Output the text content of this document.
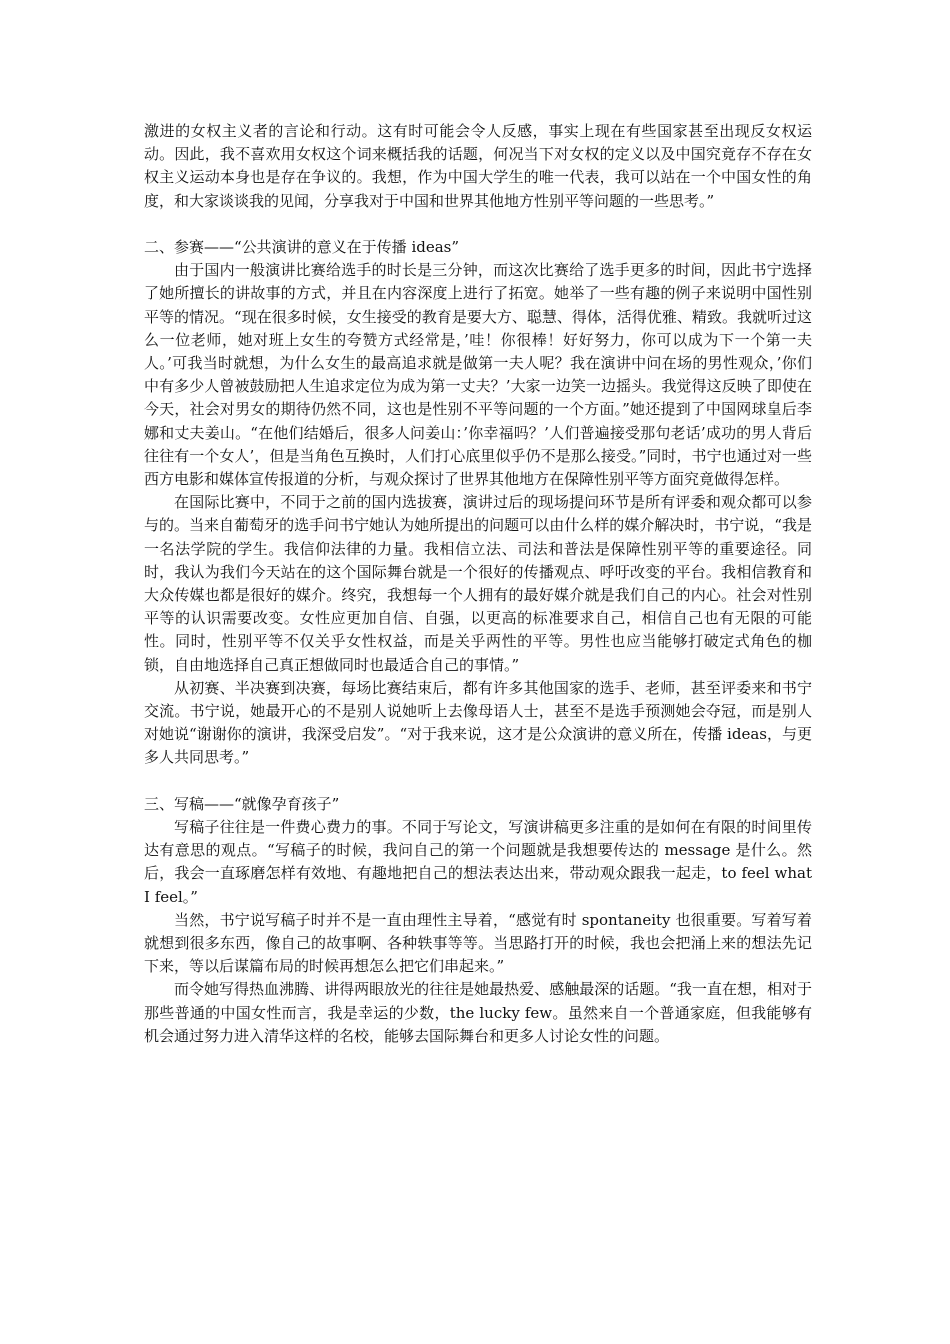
激进的女权主义者的言论和行动。这有时可能会令人反感，事实上现在有些国家甚至出现反女权运动。因此，我不喜欢用女权这个词来概括我的话题，何况当下对女权的定义以及中国究竟存不存在女权主义运动本身也是存在争议的。我想，作为中国大学生的唯一代表，我可以站在一个中国女性的角度，和大家谈谈我的见闻，分享我对于中国和世界其他地方性别平等问题的一些思考。”

二、参赛——“公共演讲的意义在于传播 ideas”

由于国内一般演讲比赛给选手的时长是三分钟，而这次比赛给了选手更多的时间，因此书宁选择了她所擅长的讲故事的方式，并且在内容深度上进行了拓宽。她举了一些有趣的例子来说明中国性别平等的情况。“现在很多时候，女生接受的教育是要大方、聪慧、得体，活得优雅、精致。我就听过这么一位老师，她对班上女生的夸赞方式经常是，’哇！你很棒！好好努力，你可以成为下一个第一夫人。’可我当时就想，为什么女生的最高追求就是做第一夫人呢？我在演讲中问在场的男性观众，’你们中有多少人曾被鼓励把人生追求定位为成为第一丈夫？’大家一边笑一边摇头。我觉得这反映了即使在今天，社会对男女的期待仍然不同，这也是性别不平等问题的一个方面。”她还提到了中国网球皇后李娜和丈夫姜山。“在他们结婚后，很多人问姜山：’你幸福吗？’人们普遍接受那句老话’成功的男人背后往往有一个女人’，但是当角色互换时，人们打心底里似乎仍不是那么接受。”同时，书宁也通过对一些西方电影和媒体宣传报道的分析，与观众探讨了世界其他地方在保障性别平等方面究竟做得怎样。

在国际比赛中，不同于之前的国内选拔赛，演讲过后的现场提问环节是所有评委和观众都可以参与的。当来自葡萄牙的选手问书宁她认为她所提出的问题可以由什么样的媒介解决时，书宁说，“我是一名法学院的学生。我信仰法律的力量。我相信立法、司法和普法是保障性别平等的重要途径。同时，我认为我们今天站在的这个国际舞台就是一个很好的传播观点、呼吁改变的平台。我相信教育和大众传媒也都是很好的媒介。终究，我想每一个人拥有的最好媒介就是我们自己的内心。社会对性别平等的认识需要改变。女性应更加自信、自强，以更高的标准要求自己，相信自己也有无限的可能性。同时，性别平等不仅关乎女性权益，而是关乎两性的平等。男性也应当能够打破定式角色的枷锁，自由地选择自己真正想做同时也最适合自己的事情。”

从初赛、半决赛到决赛，每场比赛结束后，都有许多其他国家的选手、老师，甚至评委来和书宁交流。书宁说，她最开心的不是别人说她听上去像母语人士，甚至不是选手预测她会夺冠，而是别人对她说“谢谢你的演讲，我深受启发”。“对于我来说，这才是公众演讲的意义所在，传播 ideas，与更多人共同思考。”

三、写稿——“就像孕育孩子”

写稿子往往是一件费心费力的事。不同于写论文，写演讲稿更多注重的是如何在有限的时间里传达有意思的观点。“写稿子的时候，我问自己的第一个问题就是我想要传达的 message 是什么。然后，我会一直琢磨怎样有效地、有趣地把自己的想法表达出来，带动观众跟我一起走，to feel what I feel。”

当然，书宁说写稿子时并不是一直由理性主导着，“感觉有时 spontaneity 也很重要。写着写着就想到很多东西，像自己的故事啊、各种轶事等等。当思路打开的时候，我也会把涌上来的想法先记下来，等以后谋篇布局的时候再想怎么把它们串起来。”

而令她写得热血沸腾、讲得两眼放光的往往是她最热爱、感触最深的话题。“我一直在想，相对于那些普通的中国女性而言，我是幸运的少数，the lucky few。虽然来自一个普通家庭，但我能够有机会通过努力进入清华这样的名校，能够去国际舞台和更多人讨论女性的问题。
